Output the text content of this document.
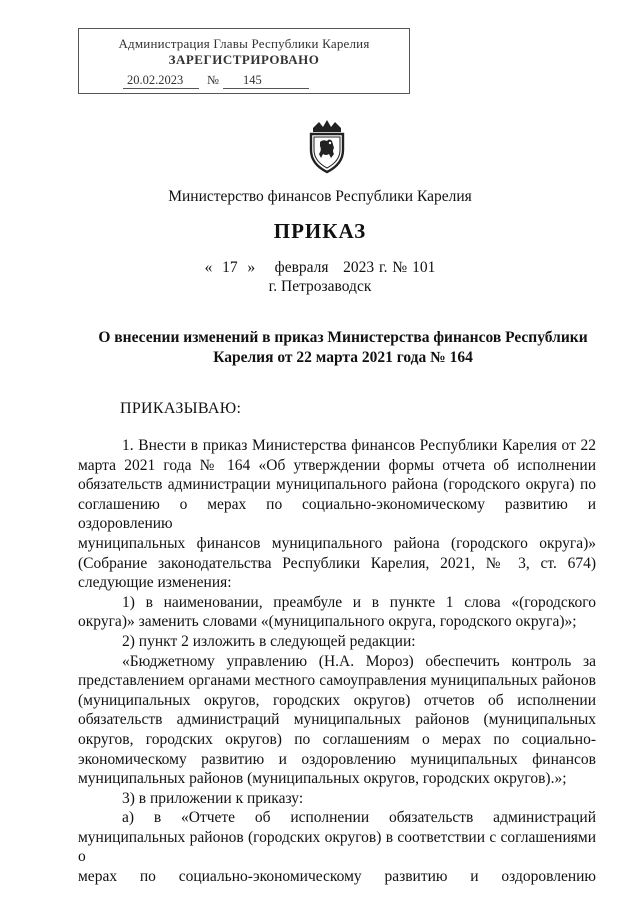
Администрация Главы Республики Карелия
ЗАРЕГИСТРИРОВАНО
20.02.2023 № 145
Министерство финансов Республики Карелия
ПРИКАЗ
«  17  »    февраля   2023 г. № 101
г. Петрозаводск
О внесении изменений в приказ Министерства финансов Республики
Карелия от 22 марта 2021 года № 164
ПРИКАЗЫВАЮ:
1. Внести в приказ Министерства финансов Республики Карелия от 22
марта 2021 года № 164 «Об утверждении формы отчета об исполнении
обязательств администрации муниципального района (городского округа) по
соглашению о мерах по социально-экономическому развитию и оздоровлению
муниципальных финансов муниципального района (городского округа)»
(Собрание законодательства Республики Карелия, 2021, № 3, ст. 674)
следующие изменения:
1) в наименовании, преамбуле и в пункте 1 слова «(городского
округа)» заменить словами «(муниципального округа, городского округа)»;
2) пункт 2 изложить в следующей редакции:
«Бюджетному управлению (Н.А. Мороз) обеспечить контроль за
представлением органами местного самоуправления муниципальных районов
(муниципальных округов, городских округов) отчетов об исполнении
обязательств администраций муниципальных районов (муниципальных
округов, городских округов) по соглашениям о мерах по социально-
экономическому развитию и оздоровлению муниципальных финансов
муниципальных районов (муниципальных округов, городских округов).»;
3) в приложении к приказу:
а) в «Отчете об исполнении обязательств администраций
муниципальных районов (городских округов) в соответствии с соглашениями о
мерах по социально-экономическому развитию и оздоровлению
